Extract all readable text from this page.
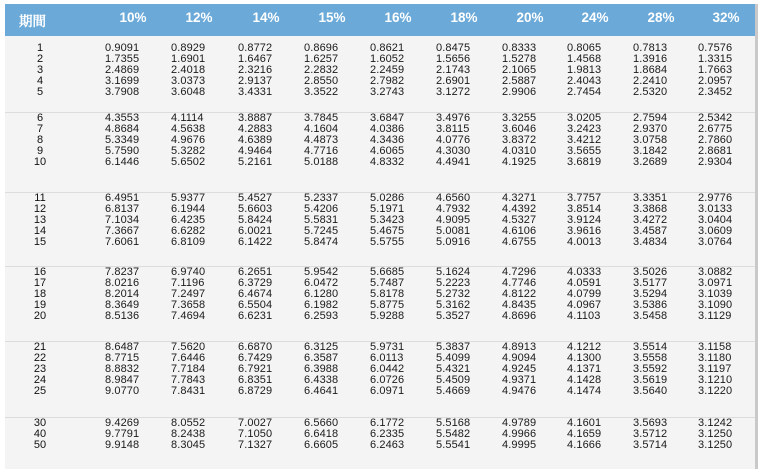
期間	10%	12%	14%	15%	16%	18%	20%	24%	28%	32%
1	0.9091	0.8929	0.8772	0.8696	0.8621	0.8475	0.8333	0.8065	0.7813	0.7576
2	1.7355	1.6901	1.6467	1.6257	1.6052	1.5656	1.5278	1.4568	1.3916	1.3315
3	2.4869	2.4018	2.3216	2.2832	2.2459	2.1743	2.1065	1.9813	1.8684	1.7663
4	3.1699	3.0373	2.9137	2.8550	2.7982	2.6901	2.5887	2.4043	2.2410	2.0957
5	3.7908	3.6048	3.4331	3.3522	3.2743	3.1272	2.9906	2.7454	2.5320	2.3452
6	4.3553	4.1114	3.8887	3.7845	3.6847	3.4976	3.3255	3.0205	2.7594	2.5342
7	4.8684	4.5638	4.2883	4.1604	4.0386	3.8115	3.6046	3.2423	2.9370	2.6775
8	5.3349	4.9676	4.6389	4.4873	4.3436	4.0776	3.8372	3.4212	3.0758	2.7860
9	5.7590	5.3282	4.9464	4.7716	4.6065	4.3030	4.0310	3.5655	3.1842	2.8681
10	6.1446	5.6502	5.2161	5.0188	4.8332	4.4941	4.1925	3.6819	3.2689	2.9304
11	6.4951	5.9377	5.4527	5.2337	5.0286	4.6560	4.3271	3.7757	3.3351	2.9776
12	6.8137	6.1944	5.6603	5.4206	5.1971	4.7932	4.4392	3.8514	3.3868	3.0133
13	7.1034	6.4235	5.8424	5.5831	5.3423	4.9095	4.5327	3.9124	3.4272	3.0404
14	7.3667	6.6282	6.0021	5.7245	5.4675	5.0081	4.6106	3.9616	3.4587	3.0609
15	7.6061	6.8109	6.1422	5.8474	5.5755	5.0916	4.6755	4.0013	3.4834	3.0764
16	7.8237	6.9740	6.2651	5.9542	5.6685	5.1624	4.7296	4.0333	3.5026	3.0882
17	8.0216	7.1196	6.3729	6.0472	5.7487	5.2223	4.7746	4.0591	3.5177	3.0971
18	8.2014	7.2497	6.4674	6.1280	5.8178	5.2732	4.8122	4.0799	3.5294	3.1039
19	8.3649	7.3658	6.5504	6.1982	5.8775	5.3162	4.8435	4.0967	3.5386	3.1090
20	8.5136	7.4694	6.6231	6.2593	5.9288	5.3527	4.8696	4.1103	3.5458	3.1129
21	8.6487	7.5620	6.6870	6.3125	5.9731	5.3837	4.8913	4.1212	3.5514	3.1158
22	8.7715	7.6446	6.7429	6.3587	6.0113	5.4099	4.9094	4.1300	3.5558	3.1180
23	8.8832	7.7184	6.7921	6.3988	6.0442	5.4321	4.9245	4.1371	3.5592	3.1197
24	8.9847	7.7843	6.8351	6.4338	6.0726	5.4509	4.9371	4.1428	3.5619	3.1210
25	9.0770	7.8431	6.8729	6.4641	6.0971	5.4669	4.9476	4.1474	3.5640	3.1220
30	9.4269	8.0552	7.0027	6.5660	6.1772	5.5168	4.9789	4.1601	3.5693	3.1242
40	9.7791	8.2438	7.1050	6.6418	6.2335	5.5482	4.9966	4.1659	3.5712	3.1250
50	9.9148	8.3045	7.1327	6.6605	6.2463	5.5541	4.9995	4.1666	3.5714	3.1250
